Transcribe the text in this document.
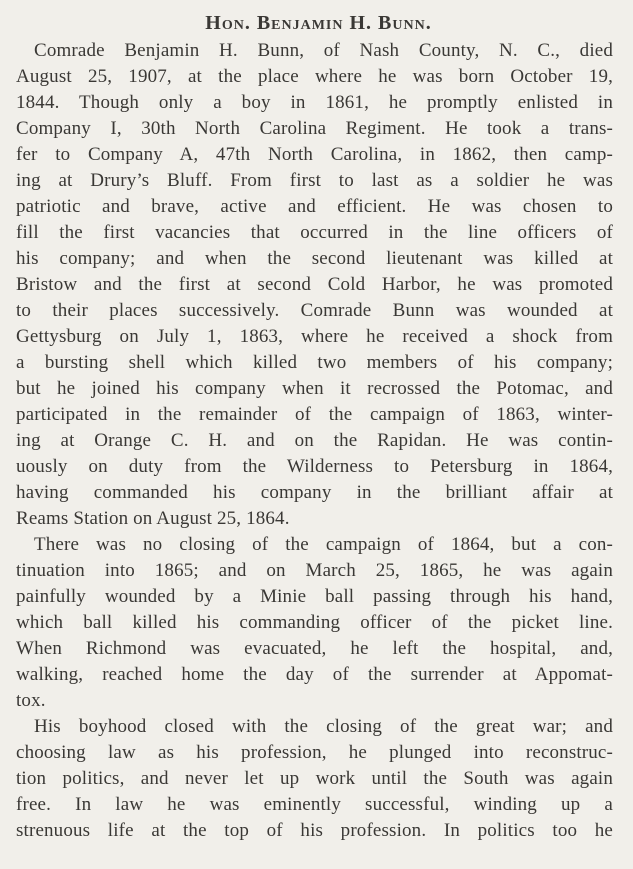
Hon. Benjamin H. Bunn.

Comrade Benjamin H. Bunn, of Nash County, N. C., died
August 25, 1907, at the place where he was born October 19,
1844. Though only a boy in 1861, he promptly enlisted in
Company I, 30th North Carolina Regiment. He took a trans-
fer to Company A, 47th North Carolina, in 1862, then camp-
ing at Drury’s Bluff. From first to last as a soldier he was
patriotic and brave, active and efficient. He was chosen to
fill the first vacancies that occurred in the line officers of
his company; and when the second lieutenant was killed at
Bristow and the first at second Cold Harbor, he was promoted
to their places successively. Comrade Bunn was wounded at
Gettysburg on July 1, 1863, where he received a shock from
a bursting shell which killed two members of his company;
but he joined his company when it recrossed the Potomac, and
participated in the remainder of the campaign of 1863, winter-
ing at Orange C. H. and on the Rapidan. He was contin-
uously on duty from the Wilderness to Petersburg in 1864,
having commanded his company in the brilliant affair at
Reams Station on August 25, 1864.

There was no closing of the campaign of 1864, but a con-
tinuation into 1865; and on March 25, 1865, he was again
painfully wounded by a Minie ball passing through his hand,
which ball killed his commanding officer of the picket line.
When Richmond was evacuated, he left the hospital, and,
walking, reached home the day of the surrender at Appomat-
tox.

His boyhood closed with the closing of the great war; and
choosing law as his profession, he plunged into reconstruc-
tion politics, and never let up work until the South was again
free. In law he was eminently successful, winding up a
strenuous life at the top of his profession. In politics too he
